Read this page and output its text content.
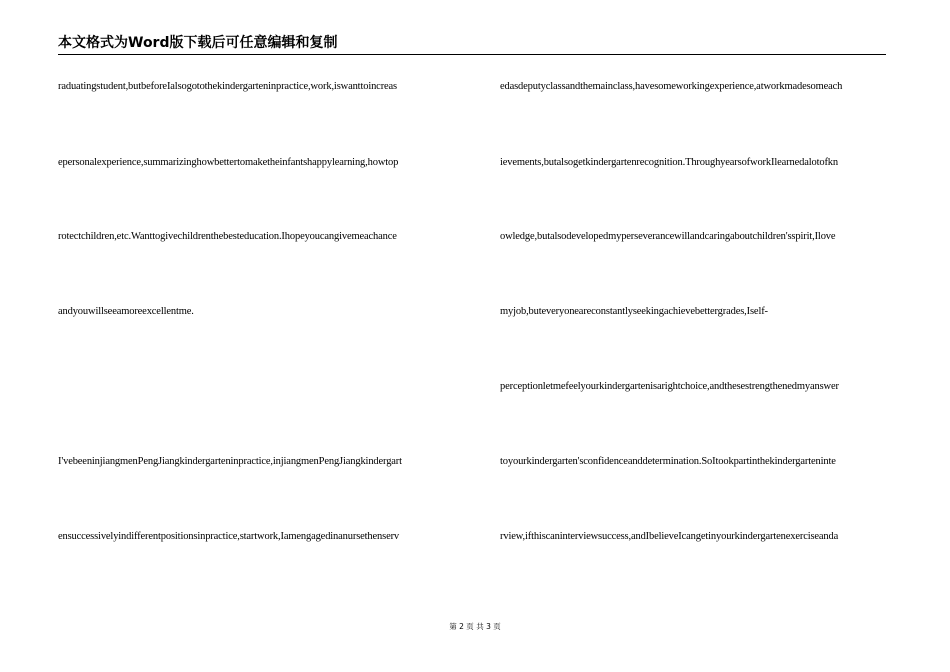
本文格式为Word版下载后可任意编辑和复制
raduatingstudent,butbeforeIalsogotothekindergarteninpractice,work,iswanttoincreas
epersonalexperience,summarizinghowbettertomaketheinfantshappylearning,howtop
rotectchildren,etc.Wanttogivechildrenthebesteducation.Ihopeyoucangivemeachance
andyouwillseeamoreexcellentme.
I'vebeeninjiangmenPengJiangkindergarteninpractice,injiangmenPengJiangkindergart
ensuccessivelyindifferentpositionsinpractice,startwork,Iamengagedinanursethenserv
edasdeputyclassandthemainclass,havesomeworkingexperience,atworkmadesomeach
ievements,butalsogetkindergartenrecognition.ThroughyearsofworkIlearnedalotofkn
owledge,butalsodevelopedmyperseverancewillandcaringaboutchildren'sspirit,Ilove
myjob,buteveryoneareconstantlyseekingachievebettergrades,Iself-
perceptionletmefeelyourkindergartenisarightchoice,andthesestrengthenedmyanswer
toyourkindergarten'sconfidenceanddetermination.SoItookpartinthekindergartenintе
rview,ifthiscaninterviewsuccess,andIbelieveIcangetinyourkindergartenexerciseanda
第 2 页 共 3 页
